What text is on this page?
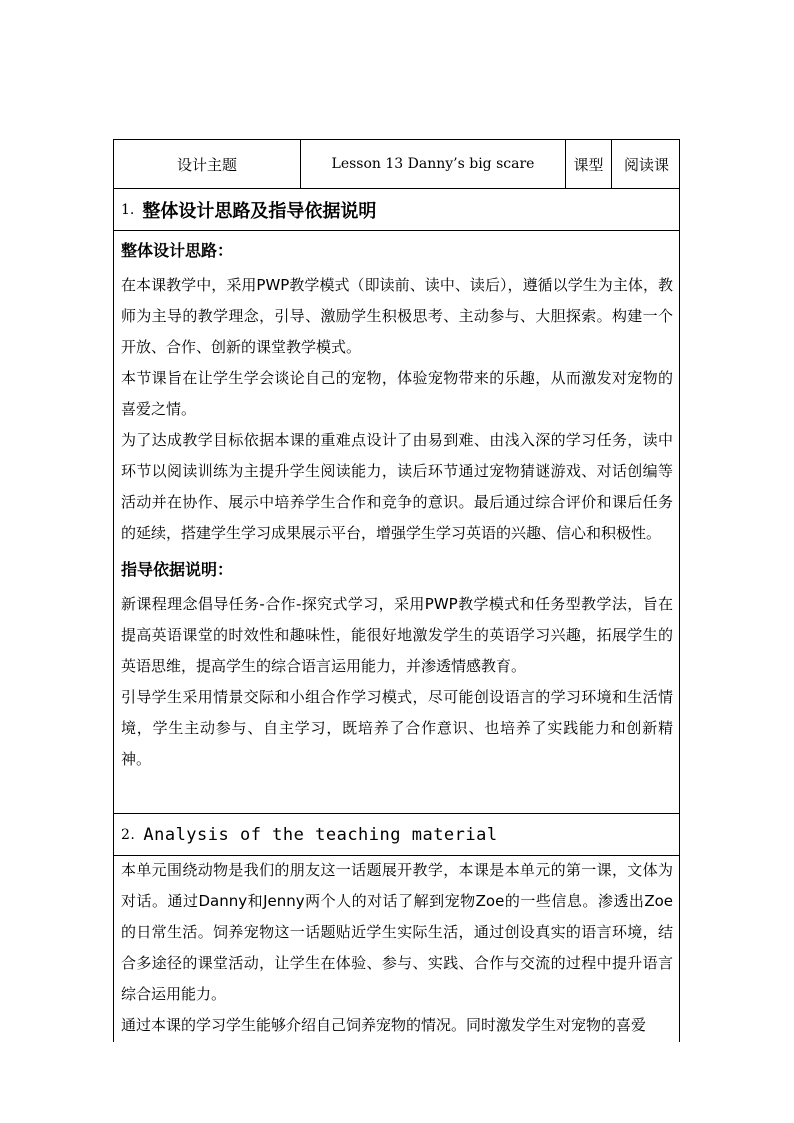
设计主题	Lesson 13 Danny’s big scare	课型	阅读课
1. 整体设计思路及指导依据说明
整体设计思路：

在本课教学中，采用PWP教学模式（即读前、读中、读后），遵循以学生为主体，教师为主导的教学理念，引导、激励学生积极思考、主动参与、大胆探索。构建一个开放、合作、创新的课堂教学模式。

本节课旨在让学生学会谈论自己的宠物，体验宠物带来的乐趣，从而激发对宠物的喜爱之情。

为了达成教学目标依据本课的重难点设计了由易到难、由浅入深的学习任务，读中环节以阅读训练为主提升学生阅读能力，读后环节通过宠物猜谜游戏、对话创编等活动并在协作、展示中培养学生合作和竞争的意识。最后通过综合评价和课后任务的延续，搭建学生学习成果展示平台，增强学生学习英语的兴趣、信心和积极性。

指导依据说明：

新课程理念倡导任务-合作-探究式学习，采用PWP教学模式和任务型教学法，旨在提高英语课堂的时效性和趣味性，能很好地激发学生的英语学习兴趣，拓展学生的英语思维，提高学生的综合语言运用能力，并渗透情感教育。

引导学生采用情景交际和小组合作学习模式，尽可能创设语言的学习环境和生活情境，学生主动参与、自主学习，既培养了合作意识、也培养了实践能力和创新精神。

2. Analysis of the teaching material

本单元围绕动物是我们的朋友这一话题展开教学，本课是本单元的第一课，文体为对话。通过Danny和Jenny两个人的对话了解到宠物Zoe的一些信息。渗透出Zoe的日常生活。饲养宠物这一话题贴近学生实际生活，通过创设真实的语言环境，结合多途径的课堂活动，让学生在体验、参与、实践、合作与交流的过程中提升语言综合运用能力。

通过本课的学习学生能够介绍自己饲养宠物的情况。同时激发学生对宠物的喜爱
